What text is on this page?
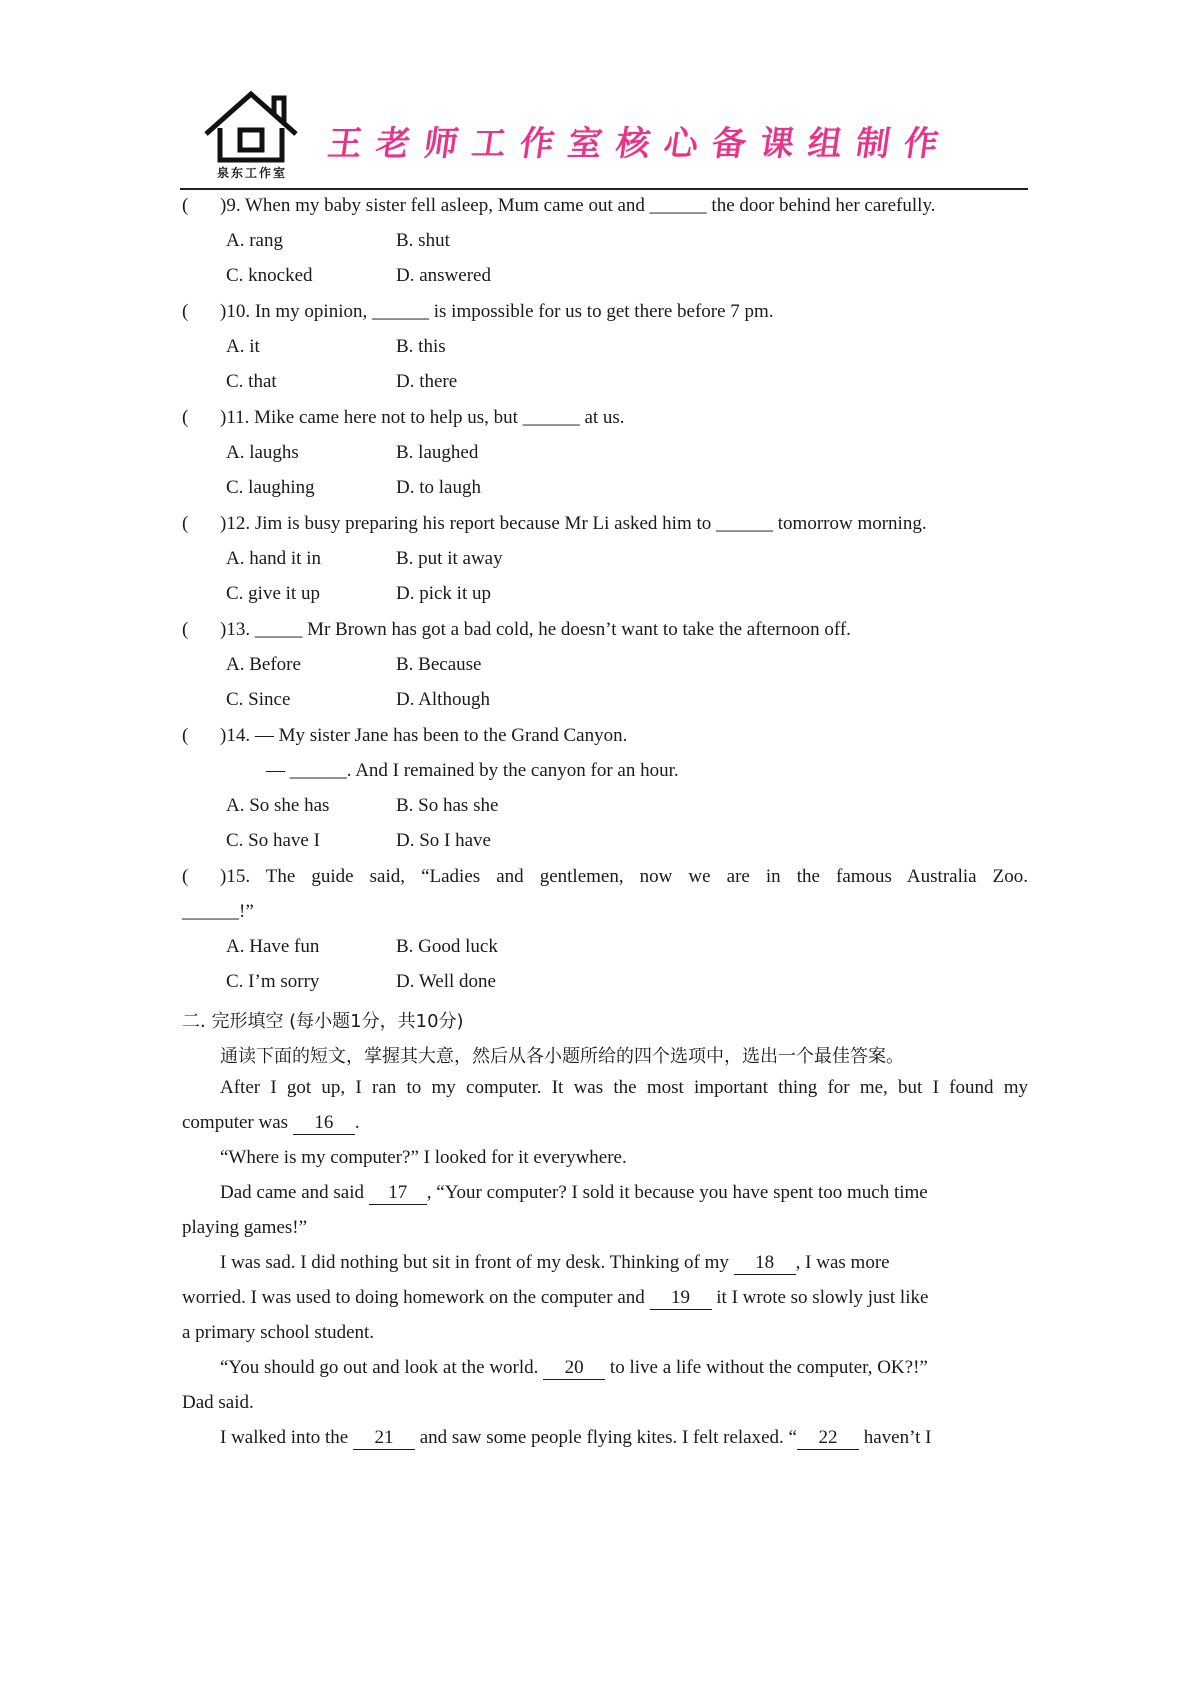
泉东工作室
王老师工作室核心备课组制作
( )9. When my baby sister fell asleep, Mum came out and ______ the door behind her carefully.
A. rang	B. shut
C. knocked	D. answered
( )10. In my opinion, ______ is impossible for us to get there before 7 pm.
A. it	B. this
C. that	D. there
( )11. Mike came here not to help us, but ______ at us.
A. laughs	B. laughed
C. laughing	D. to laugh
( )12. Jim is busy preparing his report because Mr Li asked him to ______ tomorrow morning.
A. hand it in	B. put it away
C. give it up	D. pick it up
( )13. _____ Mr Brown has got a bad cold, he doesn’t want to take the afternoon off.
A. Before	B. Because
C. Since	D. Although
( )14. — My sister Jane has been to the Grand Canyon.
— ______. And I remained by the canyon for an hour.
A. So she has	B. So has she
C. So have I	D. So I have
( )15. The guide said, “Ladies and gentlemen, now we are in the famous Australia Zoo.
______!”
A. Have fun	B. Good luck
C. I’m sorry	D. Well done
二. 完形填空 (每小题1分，共10分)
通读下面的短文，掌握其大意，然后从各小题所给的四个选项中，选出一个最佳答案。
After I got up, I ran to my computer. It was the most important thing for me, but I found my
computer was 16 .
“Where is my computer?” I looked for it everywhere.
Dad came and said 17 , “Your computer? I sold it because you have spent too much time
playing games!”
I was sad. I did nothing but sit in front of my desk. Thinking of my 18 , I was more
worried. I was used to doing homework on the computer and 19 it I wrote so slowly just like
a primary school student.
“You should go out and look at the world. 20 to live a life without the computer, OK?!”
Dad said.
I walked into the 21 and saw some people flying kites. I felt relaxed. “ 22 haven’t I
